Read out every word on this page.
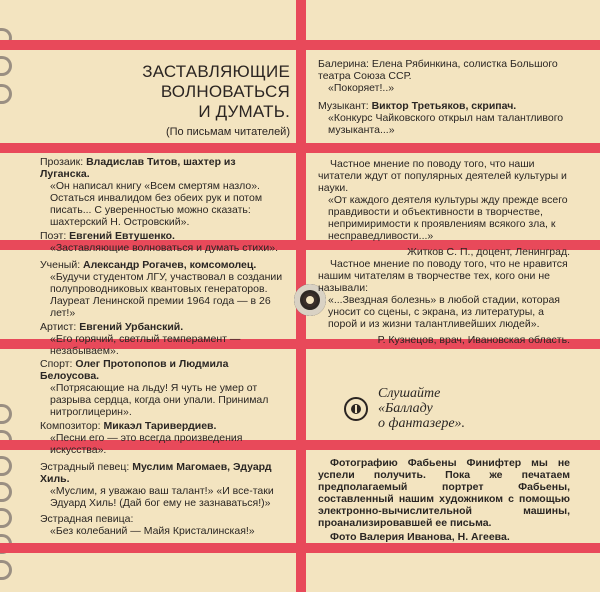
ЗАСТАВЛЯЮЩИЕ
ВОЛНОВАТЬСЯ
И ДУМАТЬ.
(По письмам читателей)

Прозаик: Владислав Титов, шахтер из Луганска.

«Он написал книгу «Всем смертям назло». Остаться инвалидом без обеих рук и потом писать... С уверенностью можно сказать: шахтерский Н. Островский».

Поэт: Евгений Евтушенко.

«Заставляющие волноваться и думать стихи».

Ученый: Александр Рогачев, комсомолец.

«Будучи студентом ЛГУ, участвовал в создании полупроводниковых квантовых генераторов. Лауреат Ленинской премии 1964 года — в 26 лет!»

Артист: Евгений Урбанский.

«Его горячий, светлый темперамент — незабываем».

Спорт: Олег Протопопов и Людмила Белоусова.

«Потрясающие на льду! Я чуть не умер от разрыва сердца, когда они упали. Принимал нитроглицерин».

Композитор: Микаэл Таривердиев.

«Песни его — это всегда произведения искусства».

Эстрадный певец: Муслим Магомаев, Эдуард Хиль.

«Муслим, я уважаю ваш талант!» «И все-таки Эдуард Хиль! (Дай бог ему не зазнаваться!)»

Эстрадная певица:

«Без колебаний — Майя Кристалинская!»

Балерина: Елена Рябинкина, солистка Большого театра Союза ССР.

«Покоряет!..»

Музыкант: Виктор Третьяков, скрипач.

«Конкурс Чайковского открыл нам талантливого музыканта...»

Частное мнение по поводу того, что наши читатели ждут от популярных деятелей культуры и науки.

«От каждого деятеля культуры жду прежде всего правдивости и объективности в творчестве, непримиримости к проявлениям всякого зла, к несправедливости...»

Житков С. П., доцент, Ленинград.

Частное мнение по поводу того, что не нравится нашим читателям в творчестве тех, кого они не называли:

«...Звездная болезнь» в любой стадии, которая уносит со сцены, с экрана, из литературы, а порой и из жизни талантливейших людей».

Р. Кузнецов, врач, Ивановская область.

Слушайте
«Балладу
о фантазере».

Фотографию Фабьены Финифтер мы не успели получить. Пока же печатаем предполагаемый портрет Фабьены, составленный нашим художником с помощью электронно-вычислительной машины, проанализировавшей ее письма.

Фото Валерия Иванова, Н. Агеева.
